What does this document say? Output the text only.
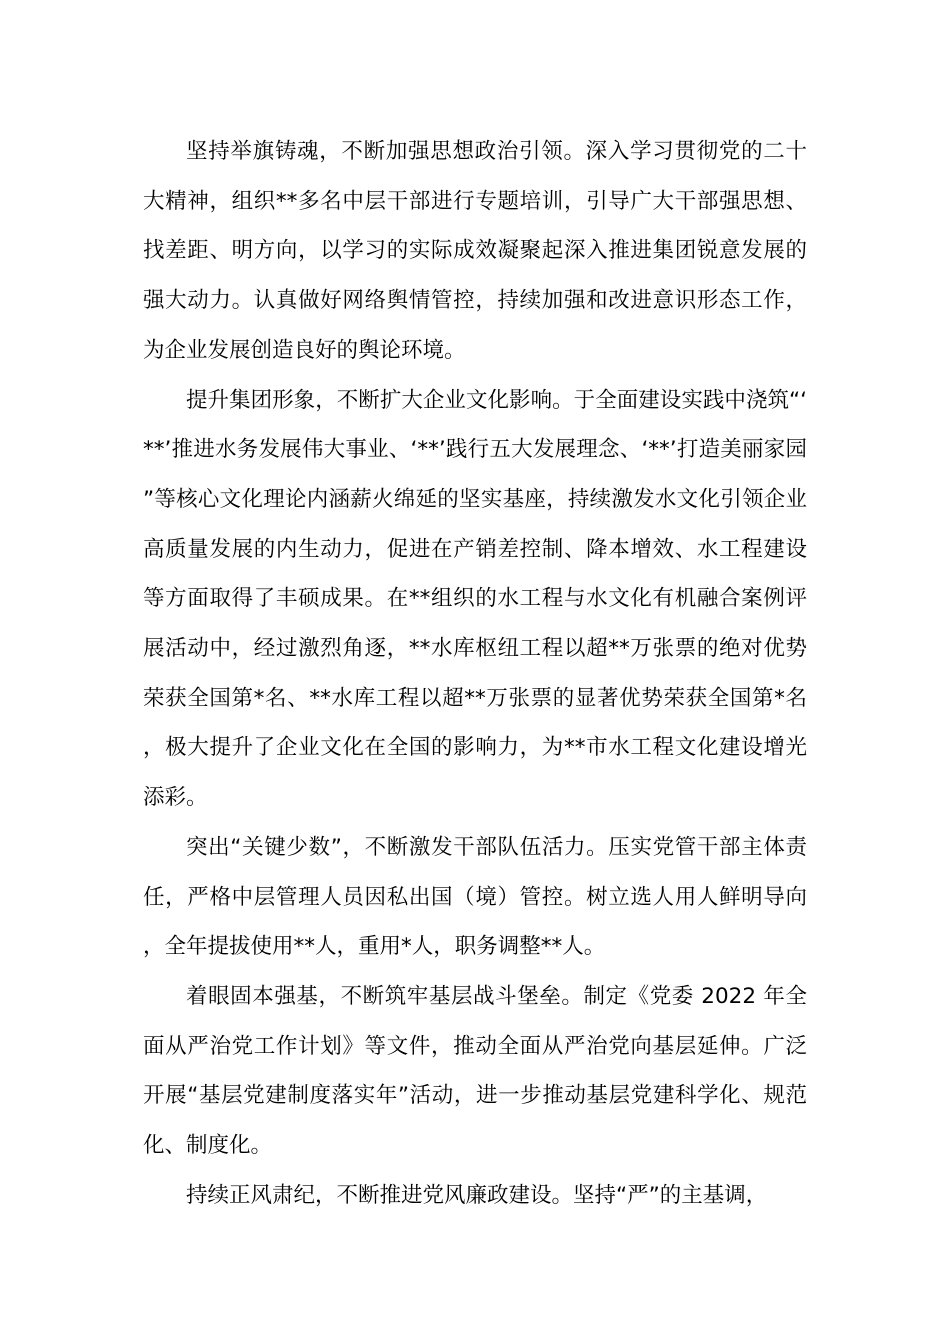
坚持举旗铸魂，不断加强思想政治引领。深入学习贯彻党的二十大精神，组织**多名中层干部进行专题培训，引导广大干部强思想、找差距、明方向，以学习的实际成效凝聚起深入推进集团锐意发展的强大动力。认真做好网络舆情管控，持续加强和改进意识形态工作，为企业发展创造良好的舆论环境。

提升集团形象，不断扩大企业文化影响。于全面建设实践中浇筑“‘**’推进水务发展伟大事业、‘**’践行五大发展理念、‘**’打造美丽家园”等核心文化理论内涵薪火绵延的坚实基座，持续激发水文化引领企业高质量发展的内生动力，促进在产销差控制、降本增效、水工程建设等方面取得了丰硕成果。在**组织的水工程与水文化有机融合案例评展活动中，经过激烈角逐，**水库枢纽工程以超**万张票的绝对优势荣获全国第*名、**水库工程以超**万张票的显著优势荣获全国第*名，极大提升了企业文化在全国的影响力，为**市水工程文化建设增光添彩。

突出“关键少数”，不断激发干部队伍活力。压实党管干部主体责任，严格中层管理人员因私出国（境）管控。树立选人用人鲜明导向，全年提拔使用**人，重用*人，职务调整**人。

着眼固本强基，不断筑牢基层战斗堡垒。制定《党委 2022 年全面从严治党工作计划》等文件，推动全面从严治党向基层延伸。广泛开展“基层党建制度落实年”活动，进一步推动基层党建科学化、规范化、制度化。

持续正风肃纪，不断推进党风廉政建设。坚持“严”的主基调，
